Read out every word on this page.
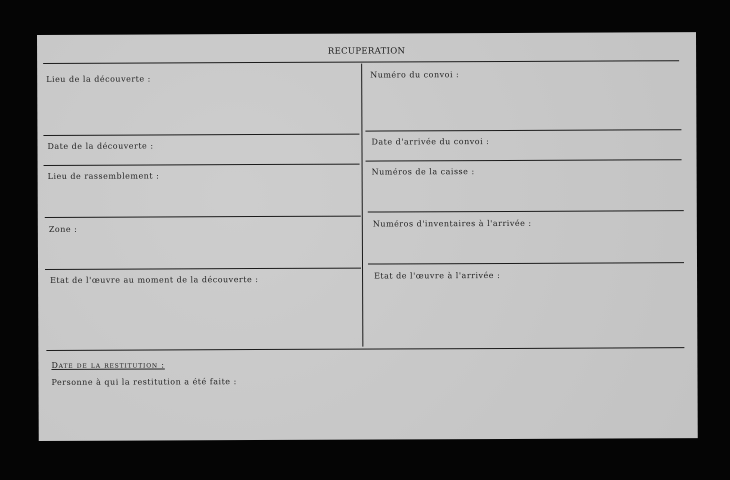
RECUPERATION
Lieu de la découverte :
Date de la découverte :
Lieu de rassemblement :
Zone :
Etat de l'œuvre au moment de la découverte :
Numéro du convoi :
Date d'arrivée du convoi :
Numéros de la caisse :
Numéros d'inventaires à l'arrivée :
Etat de l'œuvre à l'arrivée :
Date de la restitution :
Personne à qui la restitution a été faite :
